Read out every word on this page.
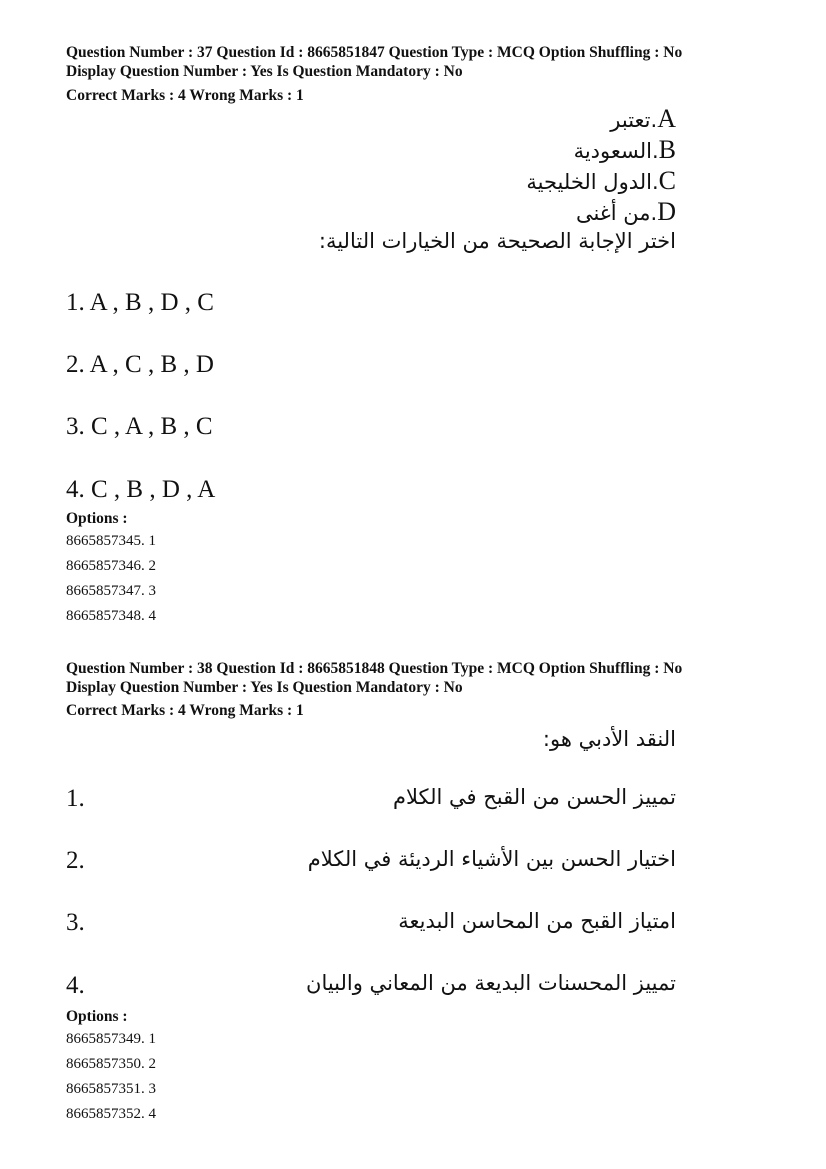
Question Number : 37 Question Id : 8665851847 Question Type : MCQ Option Shuffling : No
Display Question Number : Yes Is Question Mandatory : No
Correct Marks : 4 Wrong Marks : 1
A.تعتبر
B.السعودية
C.الدول الخليجية
D.من أغنى
اختر الإجابة الصحيحة من الخيارات التالية:
1. A , B , D , C
2. A , C , B , D
3. C , A , B , C
4. C , B , D , A
Options :
8665857345. 1
8665857346. 2
8665857347. 3
8665857348. 4
Question Number : 38 Question Id : 8665851848 Question Type : MCQ Option Shuffling : No
Display Question Number : Yes Is Question Mandatory : No
Correct Marks : 4 Wrong Marks : 1
النقد الأدبي هو:
1.	تمييز الحسن من القبح في الكلام
2.	اختيار الحسن بين الأشياء الرديئة في الكلام
3.	امتياز القبح من المحاسن البديعة
4.	تمييز المحسنات البديعة من المعاني والبيان
Options :
8665857349. 1
8665857350. 2
8665857351. 3
8665857352. 4
